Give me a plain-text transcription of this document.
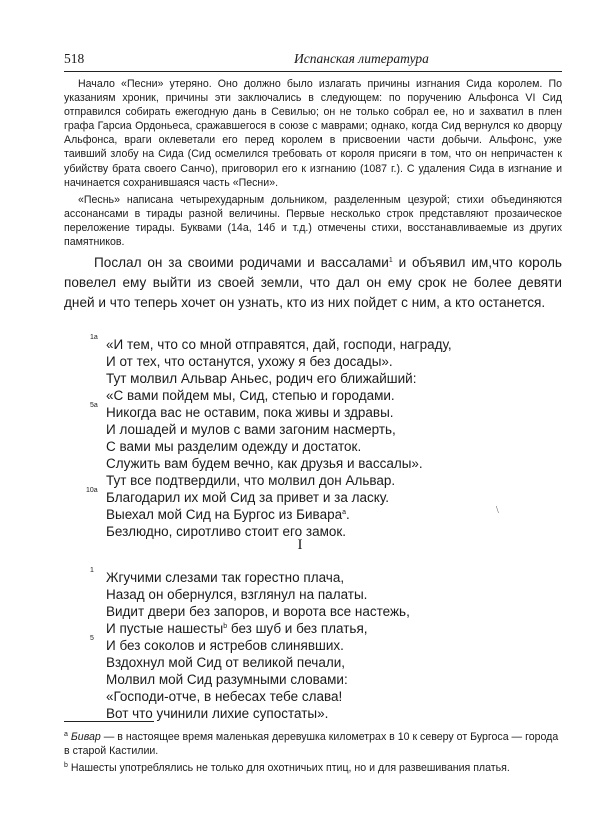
518	Испанская литература

Начало «Песни» утеряно. Оно должно было излагать причины изгнания Сида королем. По указаниям хроник, причины эти заключались в следующем: по поручению Альфонса VI Сид отправился собирать ежегодную дань в Севилью; он не только собрал ее, но и захватил в плен графа Гарсиа Ордоньеса, сражавшегося в союзе с маврами; однако, когда Сид вернулся ко дворцу Альфонса, враги оклеветали его перед королем в присвоении части добычи. Альфонс, уже таивший злобу на Сида (Сид осмелился требовать от короля присяги в том, что он непричастен к убийству брата своего Санчо), приговорил его к изгнанию (1087 г.). С удаления Сида в изгнание и начинается сохранившаяся часть «Песни».

«Песнь» написана четырехударным дольником, разделенным цезурой; стихи объединяются ассонансами в тирады разной величины. Первые несколько строк представляют прозаическое переложение тирады. Буквами (14а, 14б и т.д.) отмечены стихи, восстанавливаемые из других памятников.

Послал он за своими родичами и вассалами$^1$ и объявил им,что король повелел ему выйти из своей земли, что дал он ему срок не более девяти дней и что теперь хочет он узнать, кто из них пойдет с ним, а кто останется.

1а «И тем, что со мной отправятся, дай, господи, награду,
И от тех, что останутся, ухожу я без досады».
Тут молвил Альвар Аньес, родич его ближайший:
«С вами пойдем мы, Сид, степью и городами.
5а Никогда вас не оставим, пока живы и здравы.
И лошадей и мулов с вами загоним насмерть,
С вами мы разделим одежду и достаток.
Служить вам будем вечно, как друзья и вассалы».
Тут все подтвердили, что молвил дон Альвар.
10а Благодарил их мой Сид за привет и за ласку.
Выехал мой Сид на Бургос из Бивара$^a$.
Безлюдно, сиротливо стоит его замок.
\
I
1 Жгучими слезами так горестно плача,
Назад он обернулся, взглянул на палаты.
Видит двери без запоров, и ворота все настежь,
И пустые нашесты$^b$ без шуб и без платья,
5 И без соколов и ястребов слинявших.
Вздохнул мой Сид от великой печали,
Молвил мой Сид разумными словами:
«Господи-отче, в небесах тебе слава!
Вот что учинили лихие супостаты».

$^a$ Бивар — в настоящее время маленькая деревушка километрах в 10 к северу от Бургоса — города в старой Кастилии.

$^b$ Нашесты употреблялись не только для охотничьих птиц, но и для развешивания платья.
